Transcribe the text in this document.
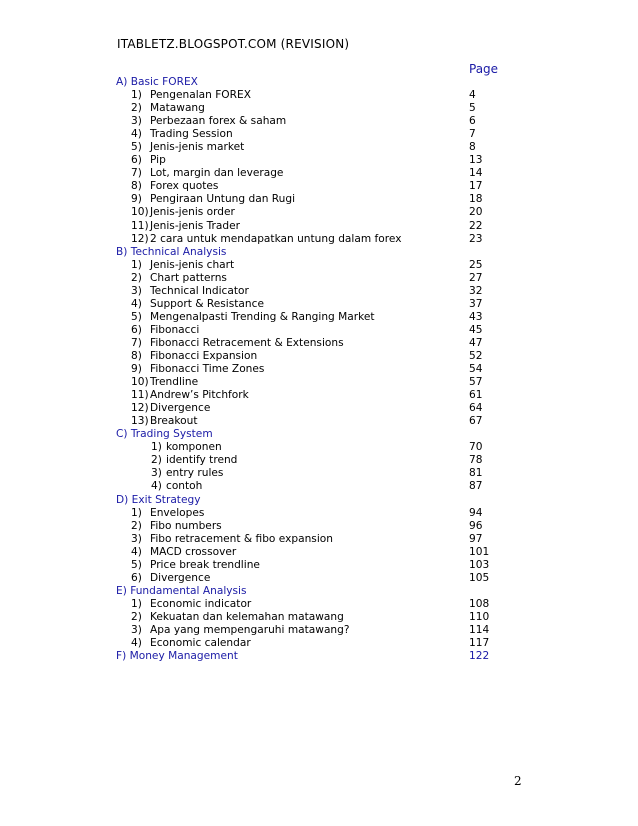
ITABLETZ.BLOGSPOT.COM (REVISION)
Page
A) Basic FOREX
1) Pengenalan FOREX	4
2) Matawang	5
3) Perbezaan forex & saham	6
4) Trading Session	7
5) Jenis-jenis market	8
6) Pip	13
7) Lot, margin dan leverage	14
8) Forex quotes	17
9) Pengiraan Untung dan Rugi	18
10) Jenis-jenis order	20
11) Jenis-jenis Trader	22
12) 2 cara untuk mendapatkan untung dalam forex	23
B) Technical Analysis
1) Jenis-jenis chart	25
2) Chart patterns	27
3) Technical Indicator	32
4) Support & Resistance	37
5) Mengenalpasti Trending & Ranging Market	43
6) Fibonacci	45
7) Fibonacci Retracement & Extensions	47
8) Fibonacci Expansion	52
9) Fibonacci Time Zones	54
10) Trendline	57
11) Andrew’s Pitchfork	61
12) Divergence	64
13) Breakout	67
C) Trading System
1) komponen	70
2) identify trend	78
3) entry rules	81
4) contoh	87
D) Exit Strategy
1) Envelopes	94
2) Fibo numbers	96
3) Fibo retracement & fibo expansion	97
4) MACD crossover	101
5) Price break trendline	103
6) Divergence	105
E) Fundamental Analysis
1) Economic indicator	108
2) Kekuatan dan kelemahan matawang	110
3) Apa yang mempengaruhi matawang?	114
4) Economic calendar	117
F) Money Management	122
2
